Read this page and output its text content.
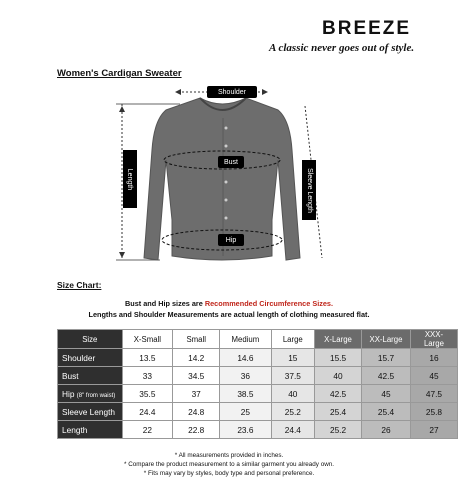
BREEZE
A classic never goes out of style.
Women's Cardigan Sweater
Shoulder
Bust
Hip
Length	Sleeve Length
Size Chart:
Bust and Hip sizes are Recommended Circumference Sizes.
Lengths and Shoulder Measurements are actual length of clothing measured flat.
Size	X-Small	Small	Medium	Large	X-Large	XX-Large	XXX-Large
Shoulder	13.5	14.2	14.6	15	15.5	15.7	16
Bust	33	34.5	36	37.5	40	42.5	45
Hip (8" from waist)	35.5	37	38.5	40	42.5	45	47.5
Sleeve Length	24.4	24.8	25	25.2	25.4	25.4	25.8
Length	22	22.8	23.6	24.4	25.2	26	27
* All measurements provided in inches.
* Compare the product measurement to a similar garment you already own.
* Fits may vary by styles, body type and personal preference.
